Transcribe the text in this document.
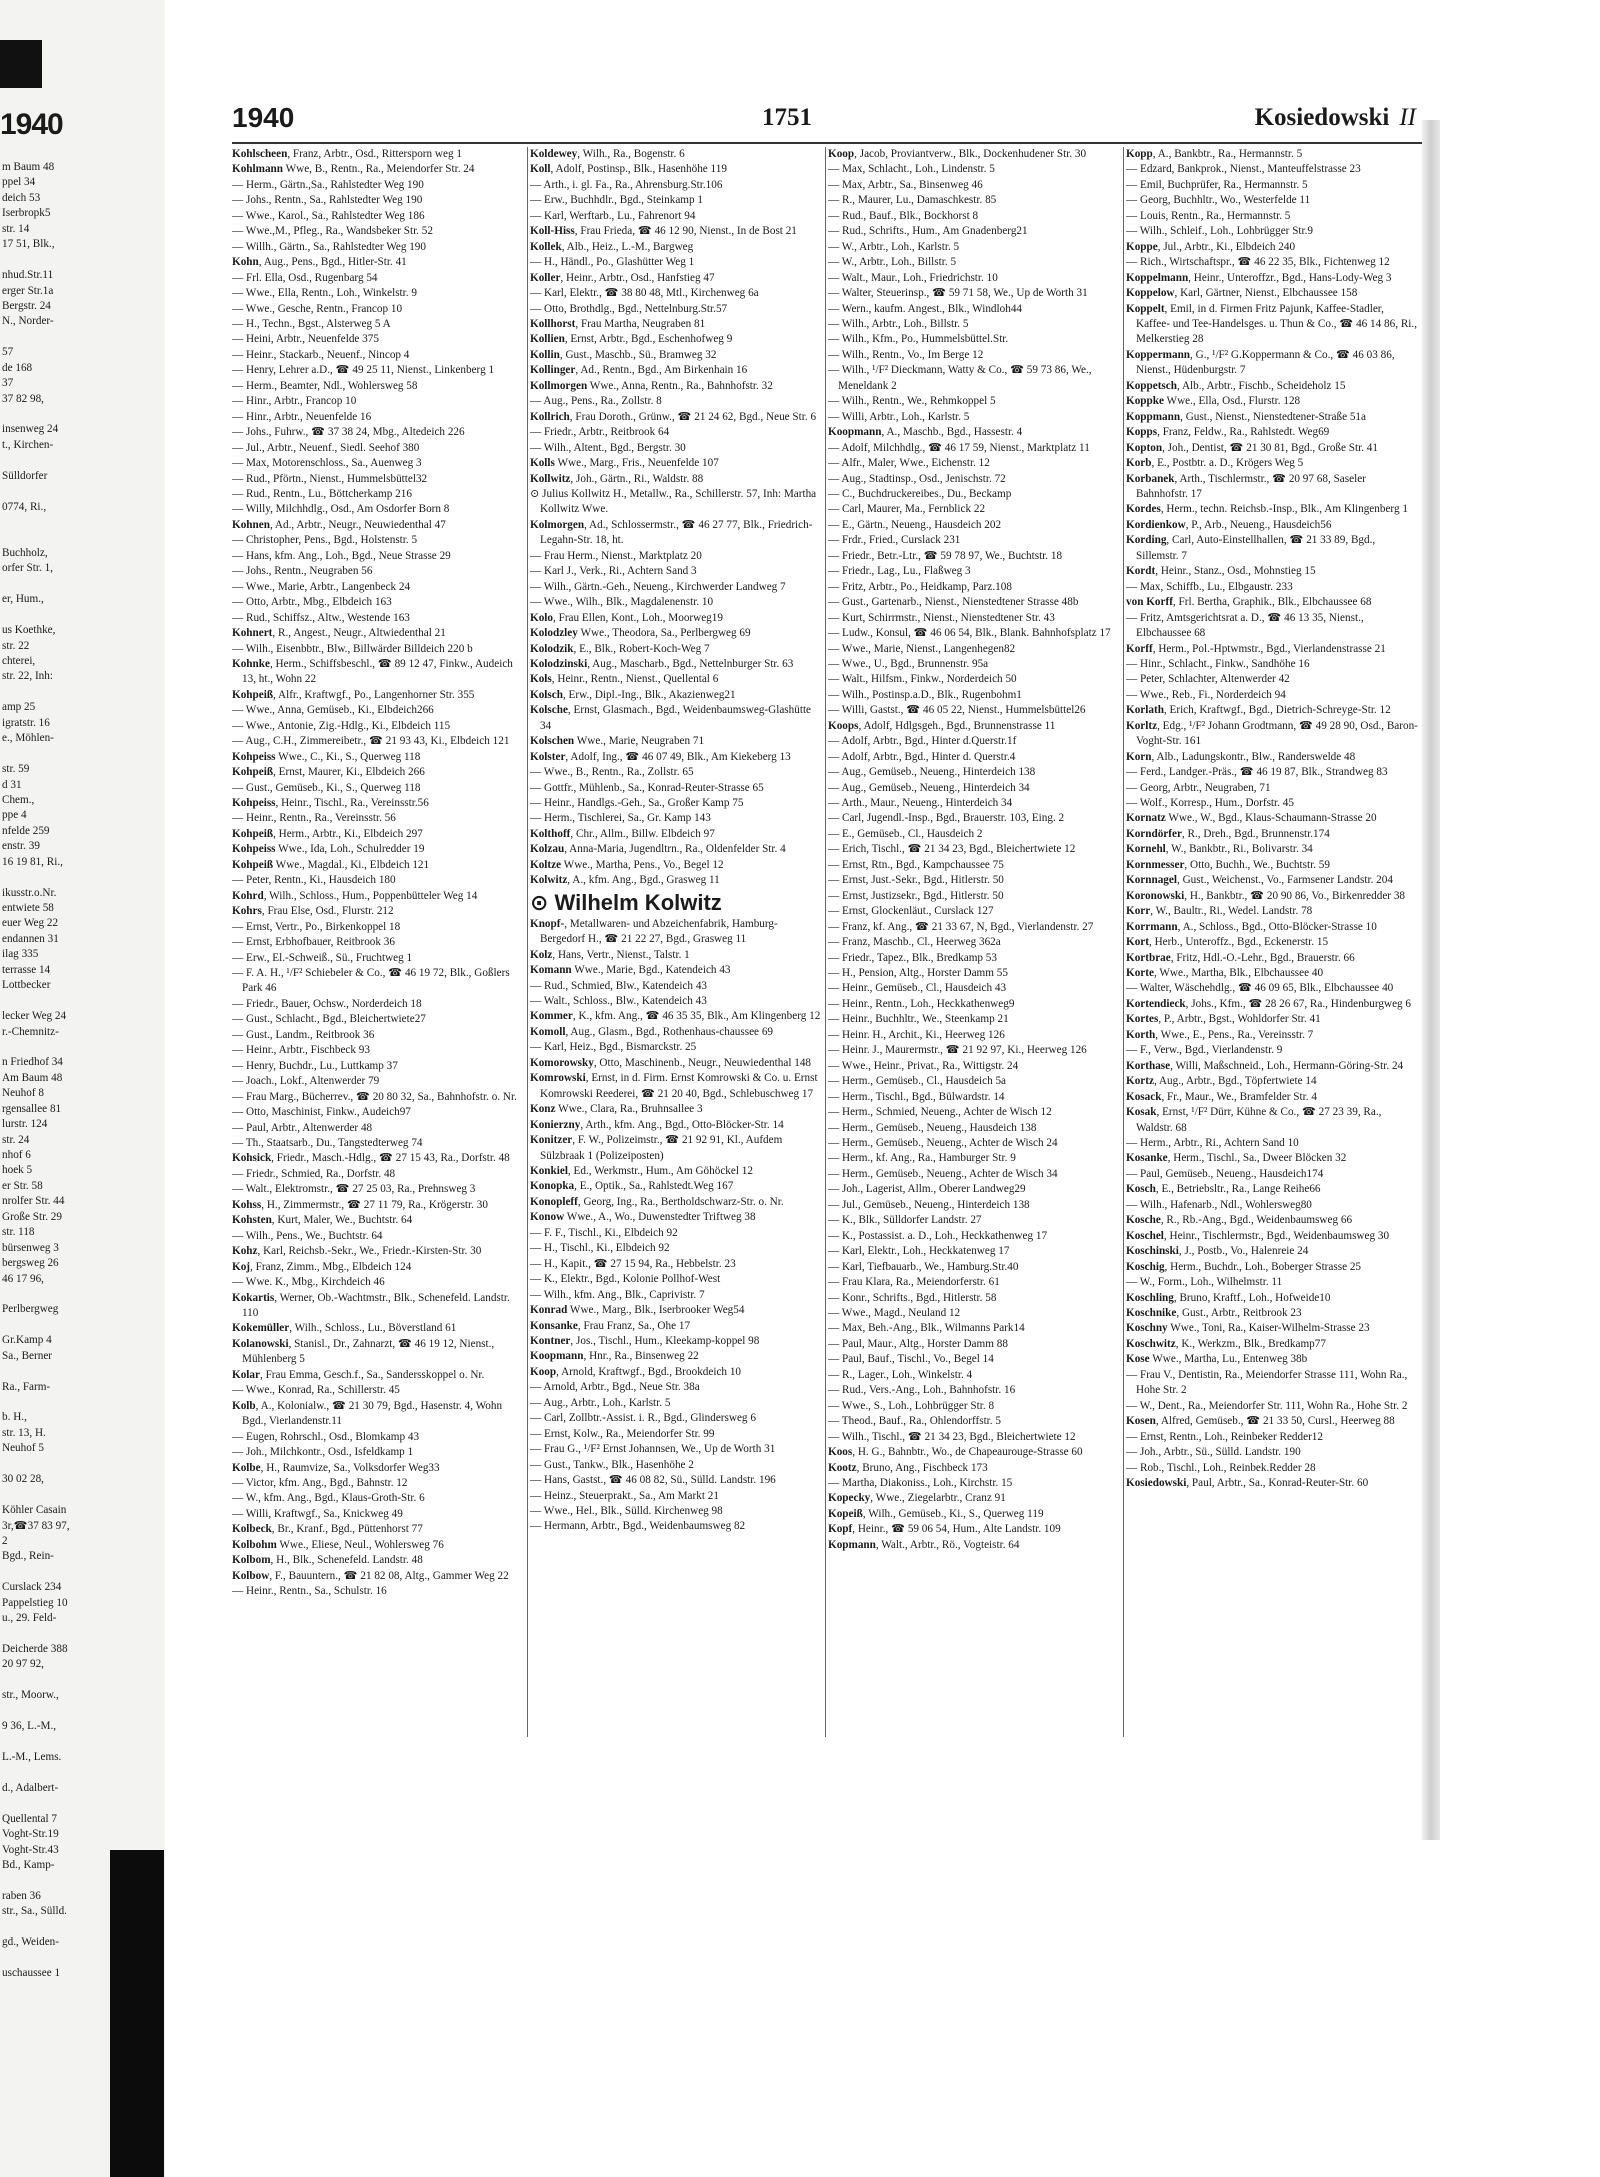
1940
m Baum 48
ppel 34
deich 53
Iserbropk5
str. 14
17 51, Blk.,
nhud.Str.11
erger Str.1a
Bergstr. 24
N., Norder-
57
de 168
37
37 82 98,
insenweg 24
t., Kirchen-
Sülldorfer
0774, Ri.,
Buchholz,
orfer Str. 1,
er, Hum.,
us Koethke,
str. 22
chterei,
str. 22, Inh:
amp 25
igratstr. 16
e., Möhlen-
str. 59
d 31
Chem.,
ppe 4
nfelde 259
enstr. 39
16 19 81, Ri.,
ikusstr.o.Nr.
entwiete 58
euer Weg 22
endannen 31
ilag 335
terrasse 14
Lottbecker
lecker Weg 24
r.-Chemnitz-
n Friedhof 34
Am Baum 48
Neuhof 8
rgensallee 81
lurstr. 124
str. 24
nhof 6
hoek 5
er Str. 58
nrolfer Str. 44
Große Str. 29
str. 118
bürsenweg 3
bergsweg 26
46 17 96,
Perlbergweg
Gr.Kamp 4
Sa., Berner
Ra., Farm-
b. H.,
str. 13, H.
Neuhof 5
30 02 28,
Köhler Casain
3r,☎37 83 97,
2
Bgd., Rein-
Curslack 234
Pappelstieg 10
u., 29. Feld-
Deicherde 388
20 97 92,
str., Moorw.,
9 36, L.-M.,
L.-M., Lems.
d., Adalbert-
Quellental 7
Voght-Str.19
Voght-Str.43
Bd., Kamp-
raben 36
str., Sa., Sülld.
gd., Weiden-
uschaussee 1
1940	1751	Kosiedowski II

Kohlscheen, Franz, Arbtr., Osd., Rittersporn weg 1

Kohlmann Wwe, B., Rentn., Ra., Meiendorfer Str. 24

— Herm., Gärtn.,Sa., Rahlstedter Weg 190

— Johs., Rentn., Sa., Rahlstedter Weg 190

— Wwe., Karol., Sa., Rahlstedter Weg 186

— Wwe.,M., Pfleg., Ra., Wandsbeker Str. 52

— Willh., Gärtn., Sa., Rahlstedter Weg 190

Kohn, Aug., Pens., Bgd., Hitler-Str. 41

— Frl. Ella, Osd., Rugenbarg 54

— Wwe., Ella, Rentn., Loh., Winkelstr. 9

— Wwe., Gesche, Rentn., Francop 10

— H., Techn., Bgst., Alsterweg 5 A

— Heini, Arbtr., Neuenfelde 375

— Heinr., Stackarb., Neuenf., Nincop 4

— Henry, Lehrer a.D., ☎ 49 25 11, Nienst., Linkenberg 1

— Herm., Beamter, Ndl., Wohlersweg 58

— Hinr., Arbtr., Francop 10

— Hinr., Arbtr., Neuenfelde 16

— Johs., Fuhrw., ☎ 37 38 24, Mbg., Altedeich 226

— Jul., Arbtr., Neuenf., Siedl. Seehof 380

— Max, Motorenschloss., Sa., Auenweg 3

— Rud., Pförtn., Nienst., Hummelsbüttel32

— Rud., Rentn., Lu., Böttcherkamp 216

— Willy, Milchhdlg., Osd., Am Osdorfer Born 8

Kohnen, Ad., Arbtr., Neugr., Neuwiedenthal 47

— Christopher, Pens., Bgd., Holstenstr. 5

— Hans, kfm. Ang., Loh., Bgd., Neue Strasse 29

— Johs., Rentn., Neugraben 56

— Wwe., Marie, Arbtr., Langenbeck 24

— Otto, Arbtr., Mbg., Elbdeich 163

— Rud., Schiffsz., Altw., Westende 163

Kohnert, R., Angest., Neugr., Altwiedenthal 21

— Wilh., Eisenbbtr., Blw., Billwärder Billdeich 220 b

Kohnke, Herm., Schiffsbeschl., ☎ 89 12 47, Finkw., Audeich 13, ht., Wohn 22

Kohpeiß, Alfr., Kraftwgf., Po., Langenhorner Str. 355

— Wwe., Anna, Gemüseb., Ki., Elbdeich266

— Wwe., Antonie, Zig.-Hdlg., Ki., Elbdeich 115

— Aug., C.H., Zimmereibetr., ☎ 21 93 43, Ki., Elbdeich 121

Kohpeiss Wwe., C., Ki., S., Querweg 118

Kohpeiß, Ernst, Maurer, Ki., Elbdeich 266

— Gust., Gemüseb., Ki., S., Querweg 118

Kohpeiss, Heinr., Tischl., Ra., Vereinsstr.56

— Heinr., Rentn., Ra., Vereinsstr. 56

Kohpeiß, Herm., Arbtr., Ki., Elbdeich 297

Kohpeiss Wwe., Ida, Loh., Schulredder 19

Kohpeiß Wwe., Magdal., Ki., Elbdeich 121

— Peter, Rentn., Ki., Hausdeich 180

Kohrd, Wilh., Schloss., Hum., Poppenbütteler Weg 14

Kohrs, Frau Else, Osd., Flurstr. 212

— Ernst, Vertr., Po., Birkenkoppel 18

— Ernst, Erbhofbauer, Reitbrook 36

— Erw., El.-Schweiß., Sü., Fruchtweg 1

— F. A. H., ¹/F² Schiebeler & Co., ☎ 46 19 72, Blk., Goßlers Park 46

— Friedr., Bauer, Ochsw., Norderdeich 18

— Gust., Schlacht., Bgd., Bleichertwiete27

— Gust., Landm., Reitbrook 36

— Heinr., Arbtr., Fischbeck 93

— Henry, Buchdr., Lu., Luttkamp 37

— Joach., Lokf., Altenwerder 79

— Frau Marg., Bücherrev., ☎ 20 80 32, Sa., Bahnhofstr. o. Nr.

— Otto, Maschinist, Finkw., Audeich97

— Paul, Arbtr., Altenwerder 48

— Th., Staatsarb., Du., Tangstedterweg 74

Kohsick, Friedr., Masch.-Hdlg., ☎ 27 15 43, Ra., Dorfstr. 48

— Friedr., Schmied, Ra., Dorfstr. 48

— Walt., Elektromstr., ☎ 27 25 03, Ra., Prehnsweg 3

Kohss, H., Zimmermstr., ☎ 27 11 79, Ra., Krögerstr. 30

Kohsten, Kurt, Maler, We., Buchtstr. 64

— Wilh., Pens., We., Buchtstr. 64

Kohz, Karl, Reichsb.-Sekr., We., Friedr.-Kirsten-Str. 30

Koj, Franz, Zimm., Mbg., Elbdeich 124

— Wwe. K., Mbg., Kirchdeich 46

Kokartis, Werner, Ob.-Wachtmstr., Blk., Schenefeld. Landstr. 110

Kokemüller, Wilh., Schloss., Lu., Böverstland 61

Kolanowski, Stanisl., Dr., Zahnarzt, ☎ 46 19 12, Nienst., Mühlenberg 5

Kolar, Frau Emma, Gesch.f., Sa., Sandersskoppel o. Nr.

— Wwe., Konrad, Ra., Schillerstr. 45

Kolb, A., Kolonialw., ☎ 21 30 79, Bgd., Hasenstr. 4, Wohn Bgd., Vierlandenstr.11

— Eugen, Rohrschl., Osd., Blomkamp 43

— Joh., Milchkontr., Osd., Isfeldkamp 1

Kolbe, H., Raumvize, Sa., Volksdorfer Weg33

— Victor, kfm. Ang., Bgd., Bahnstr. 12

— W., kfm. Ang., Bgd., Klaus-Groth-Str. 6

— Willi, Kraftwgf., Sa., Knickweg 49

Kolbeck, Br., Kranf., Bgd., Püttenhorst 77

Kolbohm Wwe., Eliese, Neul., Wohlersweg 76

Kolbom, H., Blk., Schenefeld. Landstr. 48

Kolbow, F., Bauuntern., ☎ 21 82 08, Altg., Gammer Weg 22

— Heinr., Rentn., Sa., Schulstr. 16

Koldewey, Wilh., Ra., Bogenstr. 6

Koll, Adolf, Postinsp., Blk., Hasenhöhe 119

— Arth., i. gl. Fa., Ra., Ahrensburg.Str.106

— Erw., Buchhdlr., Bgd., Steinkamp 1

— Karl, Werftarb., Lu., Fahrenort 94

Koll-Hiss, Frau Frieda, ☎ 46 12 90, Nienst., In de Bost 21

Kollek, Alb., Heiz., L.-M., Bargweg

— H., Händl., Po., Glashütter Weg 1

Koller, Heinr., Arbtr., Osd., Hanfstieg 47

— Karl, Elektr., ☎ 38 80 48, Mtl., Kirchenweg 6a

— Otto, Brothdlg., Bgd., Nettelnburg.Str.57

Kollhorst, Frau Martha, Neugraben 81

Kollien, Ernst, Arbtr., Bgd., Eschenhofweg 9

Kollin, Gust., Maschb., Sü., Bramweg 32

Kollinger, Ad., Rentn., Bgd., Am Birkenhain 16

Kollmorgen Wwe., Anna, Rentn., Ra., Bahnhofstr. 32

— Aug., Pens., Ra., Zollstr. 8

Kollrich, Frau Doroth., Grünw., ☎ 21 24 62, Bgd., Neue Str. 6

— Friedr., Arbtr., Reitbrook 64

— Wilh., Altent., Bgd., Bergstr. 30

Kolls Wwe., Marg., Fris., Neuenfelde 107

Kollwitz, Joh., Gärtn., Ri., Waldstr. 88

⊙ Julius Kollwitz H., Metallw., Ra., Schillerstr. 57, Inh: Martha Kollwitz Wwe.

Kolmorgen, Ad., Schlossermstr., ☎ 46 27 77, Blk., Friedrich-Legahn-Str. 18, ht.

— Frau Herm., Nienst., Marktplatz 20

— Karl J., Verk., Ri., Achtern Sand 3

— Wilh., Gärtn.-Geh., Neueng., Kirchwerder Landweg 7

— Wwe., Wilh., Blk., Magdalenenstr. 10

Kolo, Frau Ellen, Kont., Loh., Moorweg19

Kolodzley Wwe., Theodora, Sa., Perlbergweg 69

Kolodzik, E., Blk., Robert-Koch-Weg 7

Kolodzinski, Aug., Mascharb., Bgd., Nettelnburger Str. 63

Kols, Heinr., Rentn., Nienst., Quellental 6

Kolsch, Erw., Dipl.-Ing., Blk., Akazienweg21

Kolsche, Ernst, Glasmach., Bgd., Weidenbaumsweg-Glashütte 34

Kolschen Wwe., Marie, Neugraben 71

Kolster, Adolf, Ing., ☎ 46 07 49, Blk., Am Kiekeberg 13

— Wwe., B., Rentn., Ra., Zollstr. 65

— Gottfr., Mühlenb., Sa., Konrad-Reuter-Strasse 65

— Heinr., Handlgs.-Geh., Sa., Großer Kamp 75

— Herm., Tischlerei, Sa., Gr. Kamp 143

Kolthoff, Chr., Allm., Billw. Elbdeich 97

Kolzau, Anna-Maria, Jugendltrn., Ra., Oldenfelder Str. 4

Koltze Wwe., Martha, Pens., Vo., Begel 12

Kolwitz, A., kfm. Ang., Bgd., Grasweg 11

⊙ Wilhelm Kolwitz

Knopf-, Metallwaren- und Abzeichenfabrik, Hamburg-Bergedorf H., ☎ 21 22 27, Bgd., Grasweg 11

Kolz, Hans, Vertr., Nienst., Talstr. 1

Komann Wwe., Marie, Bgd., Katendeich 43

— Rud., Schmied, Blw., Katendeich 43

— Walt., Schloss., Blw., Katendeich 43

Kommer, K., kfm. Ang., ☎ 46 35 35, Blk., Am Klingenberg 12

Komoll, Aug., Glasm., Bgd., Rothenhaus-chaussee 69

— Karl, Heiz., Bgd., Bismarckstr. 25

Komorowsky, Otto, Maschinenb., Neugr., Neuwiedenthal 148

Komrowski, Ernst, in d. Firm. Ernst Komrowski & Co. u. Ernst Komrowski Reederei, ☎ 21 20 40, Bgd., Schlebuschweg 17

Konz Wwe., Clara, Ra., Bruhnsallee 3

Konierzny, Arth., kfm. Ang., Bgd., Otto-Blöcker-Str. 14

Konitzer, F. W., Polizeimstr., ☎ 21 92 91, Kl., Aufdem Sülzbraak 1 (Polizeiposten)

Konkiel, Ed., Werkmstr., Hum., Am Göhöckel 12

Konopka, E., Optik., Sa., Rahlstedt.Weg 167

Konopleff, Georg, Ing., Ra., Bertholdschwarz-Str. o. Nr.

Konow Wwe., A., Wo., Duwenstedter Triftweg 38

— F. F., Tischl., Ki., Elbdeich 92

— H., Tischl., Ki., Elbdeich 92

— H., Kapit., ☎ 27 15 94, Ra., Hebbelstr. 23

— K., Elektr., Bgd., Kolonie Pollhof-West

— Wilh., kfm. Ang., Blk., Caprivistr. 7

Konrad Wwe., Marg., Blk., Iserbrooker Weg54

Konsanke, Frau Franz, Sa., Ohe 17

Kontner, Jos., Tischl., Hum., Kleekamp-koppel 98

Koopmann, Hnr., Ra., Binsenweg 22

Koop, Arnold, Kraftwgf., Bgd., Brookdeich 10

— Arnold, Arbtr., Bgd., Neue Str. 38a

— Aug., Arbtr., Loh., Karlstr. 5

— Carl, Zollbtr.-Assist. i. R., Bgd., Glindersweg 6

— Ernst, Kolw., Ra., Meiendorfer Str. 99

— Frau G., ¹/F² Ernst Johannsen, We., Up de Worth 31

— Gust., Tankw., Blk., Hasenhöhe 2

— Hans, Gastst., ☎ 46 08 82, Sü., Sülld. Landstr. 196

— Heinz., Steuerprakt., Sa., Am Markt 21

— Wwe., Hel., Blk., Sülld. Kirchenweg 98

— Hermann, Arbtr., Bgd., Weidenbaumsweg 82

Koop, Jacob, Proviantverw., Blk., Dockenhudener Str. 30

— Max, Schlacht., Loh., Lindenstr. 5

— Max, Arbtr., Sa., Binsenweg 46

— R., Maurer, Lu., Damaschkestr. 85

— Rud., Bauf., Blk., Bockhorst 8

— Rud., Schrifts., Hum., Am Gnadenberg21

— W., Arbtr., Loh., Karlstr. 5

— W., Arbtr., Loh., Billstr. 5

— Walt., Maur., Loh., Friedrichstr. 10

— Walter, Steuerinsp., ☎ 59 71 58, We., Up de Worth 31

— Wern., kaufm. Angest., Blk., Windloh44

— Wilh., Arbtr., Loh., Billstr. 5

— Wilh., Kfm., Po., Hummelsbüttel.Str.

— Wilh., Rentn., Vo., Im Berge 12

— Wilh., ¹/F² Dieckmann, Watty & Co., ☎ 59 73 86, We., Meneldank 2

— Wilh., Rentn., We., Rehmkoppel 5

— Willi, Arbtr., Loh., Karlstr. 5

Koopmann, A., Maschb., Bgd., Hassestr. 4

— Adolf, Milchhdlg., ☎ 46 17 59, Nienst., Marktplatz 11

— Alfr., Maler, Wwe., Eichenstr. 12

— Aug., Stadtinsp., Osd., Jenischstr. 72

— C., Buchdruckereibes., Du., Beckamp

— Carl, Maurer, Ma., Fernblick 22

— E., Gärtn., Neueng., Hausdeich 202

— Frdr., Fried., Curslack 231

— Friedr., Betr.-Ltr., ☎ 59 78 97, We., Buchtstr. 18

— Friedr., Lag., Lu., Flaßweg 3

— Fritz, Arbtr., Po., Heidkamp, Parz.108

— Gust., Gartenarb., Nienst., Nienstedtener Strasse 48b

— Kurt, Schirrmstr., Nienst., Nienstedtener Str. 43

— Ludw., Konsul, ☎ 46 06 54, Blk., Blank. Bahnhofsplatz 17

— Wwe., Marie, Nienst., Langenhegen82

— Wwe., U., Bgd., Brunnenstr. 95a

— Walt., Hilfsm., Finkw., Norderdeich 50

— Wilh., Postinsp.a.D., Blk., Rugenbohm1

— Willi, Gastst., ☎ 46 05 22, Nienst., Hummelsbüttel26

Koops, Adolf, Hdlgsgeh., Bgd., Brunnenstrasse 11

— Adolf, Arbtr., Bgd., Hinter d.Querstr.1f

— Adolf, Arbtr., Bgd., Hinter d. Querstr.4

— Aug., Gemüseb., Neueng., Hinterdeich 138

— Aug., Gemüseb., Neueng., Hinterdeich 34

— Arth., Maur., Neueng., Hinterdeich 34

— Carl, Jugendl.-Insp., Bgd., Brauerstr. 103, Eing. 2

— E., Gemüseb., Cl., Hausdeich 2

— Erich, Tischl., ☎ 21 34 23, Bgd., Bleichertwiete 12

— Ernst, Rtn., Bgd., Kampchaussee 75

— Ernst, Just.-Sekr., Bgd., Hitlerstr. 50

— Ernst, Justizsekr., Bgd., Hitlerstr. 50

— Ernst, Glockenläut., Curslack 127

— Franz, kf. Ang., ☎ 21 33 67, N, Bgd., Vierlandenstr. 27

— Franz, Maschb., Cl., Heerweg 362a

— Friedr., Tapez., Blk., Bredkamp 53

— H., Pension, Altg., Horster Damm 55

— Heinr., Gemüseb., Cl., Hausdeich 43

— Heinr., Rentn., Loh., Heckkathenweg9

— Heinr., Buchhltr., We., Steenkamp 21

— Heinr. H., Archit., Ki., Heerweg 126

— Heinr. J., Maurermstr., ☎ 21 92 97, Ki., Heerweg 126

— Wwe., Heinr., Privat., Ra., Wittigstr. 24

— Herm., Gemüseb., Cl., Hausdeich 5a

— Herm., Tischl., Bgd., Bülwardstr. 14

— Herm., Schmied, Neueng., Achter de Wisch 12

— Herm., Gemüseb., Neueng., Hausdeich 138

— Herm., Gemüseb., Neueng., Achter de Wisch 24

— Herm., kf. Ang., Ra., Hamburger Str. 9

— Herm., Gemüseb., Neueng., Achter de Wisch 34

— Joh., Lagerist, Allm., Oberer Landweg29

— Jul., Gemüseb., Neueng., Hinterdeich 138

— K., Blk., Sülldorfer Landstr. 27

— K., Postassist. a. D., Loh., Heckkathenweg 17

— Karl, Elektr., Loh., Heckkatenweg 17

— Karl, Tiefbauarb., We., Hamburg.Str.40

— Frau Klara, Ra., Meiendorferstr. 61

— Konr., Schrifts., Bgd., Hitlerstr. 58

— Wwe., Magd., Neuland 12

— Max, Beh.-Ang., Blk., Wilmanns Park14

— Paul, Maur., Altg., Horster Damm 88

— Paul, Bauf., Tischl., Vo., Begel 14

— R., Lager., Loh., Winkelstr. 4

— Rud., Vers.-Ang., Loh., Bahnhofstr. 16

— Wwe., S., Loh., Lohbrügger Str. 8

— Theod., Bauf., Ra., Ohlendorffstr. 5

— Wilh., Tischl., ☎ 21 34 23, Bgd., Bleichertwiete 12

Koos, H. G., Bahnbtr., Wo., de Chapeaurouge-Strasse 60

Kootz, Bruno, Ang., Fischbeck 173

— Martha, Diakoniss., Loh., Kirchstr. 15

Kopecky, Wwe., Ziegelarbtr., Cranz 91

Kopeiß, Wilh., Gemüseb., Ki., S., Querweg 119

Kopf, Heinr., ☎ 59 06 54, Hum., Alte Landstr. 109

Kopmann, Walt., Arbtr., Rö., Vogteistr. 64

Kopp, A., Bankbtr., Ra., Hermannstr. 5

— Edzard, Bankprok., Nienst., Manteuffelstrasse 23

— Emil, Buchprüfer, Ra., Hermannstr. 5

— Georg, Buchhltr., Wo., Westerfelde 11

— Louis, Rentn., Ra., Hermannstr. 5

— Wilh., Schleif., Loh., Lohbrügger Str.9

Koppe, Jul., Arbtr., Ki., Elbdeich 240

— Rich., Wirtschaftspr., ☎ 46 22 35, Blk., Fichtenweg 12

Koppelmann, Heinr., Unteroffzr., Bgd., Hans-Lody-Weg 3

Koppelow, Karl, Gärtner, Nienst., Elbchaussee 158

Koppelt, Emil, in d. Firmen Fritz Pajunk, Kaffee-Stadler, Kaffee- und Tee-Handelsges. u. Thun & Co., ☎ 46 14 86, Ri., Melkerstieg 28

Koppermann, G., ¹/F² G.Koppermann & Co., ☎ 46 03 86, Nienst., Hüdenburgstr. 7

Koppetsch, Alb., Arbtr., Fischb., Scheideholz 15

Koppke Wwe., Ella, Osd., Flurstr. 128

Koppmann, Gust., Nienst., Nienstedtener-Straße 51a

Kopps, Franz, Feldw., Ra., Rahlstedt. Weg69

Kopton, Joh., Dentist, ☎ 21 30 81, Bgd., Große Str. 41

Korb, E., Postbtr. a. D., Krögers Weg 5

Korbanek, Arth., Tischlermstr., ☎ 20 97 68, Saseler Bahnhofstr. 17

Kordes, Herm., techn. Reichsb.-Insp., Blk., Am Klingenberg 1

Kordienkow, P., Arb., Neueng., Hausdeich56

Kording, Carl, Auto-Einstellhallen, ☎ 21 33 89, Bgd., Sillemstr. 7

Kordt, Heinr., Stanz., Osd., Mohnstieg 15

— Max, Schiffb., Lu., Elbgaustr. 233

von Korff, Frl. Bertha, Graphik., Blk., Elbchaussee 68

— Fritz, Amtsgerichtsrat a. D., ☎ 46 13 35, Nienst., Elbchaussee 68

Korff, Herm., Pol.-Hptwmstr., Bgd., Vierlandenstrasse 21

— Hinr., Schlacht., Finkw., Sandhöhe 16

— Peter, Schlachter, Altenwerder 42

— Wwe., Reb., Fi., Norderdeich 94

Korlath, Erich, Kraftwgf., Bgd., Dietrich-Schreyge-Str. 12

Korltz, Edg., ¹/F² Johann Grodtmann, ☎ 49 28 90, Osd., Baron-Voght-Str. 161

Korn, Alb., Ladungskontr., Blw., Randerswelde 48

— Ferd., Landger.-Präs., ☎ 46 19 87, Blk., Strandweg 83

— Georg, Arbtr., Neugraben, 71

— Wolf., Korresp., Hum., Dorfstr. 45

Kornatz Wwe., W., Bgd., Klaus-Schaumann-Strasse 20

Korndörfer, R., Dreh., Bgd., Brunnenstr.174

Kornehl, W., Bankbtr., Ri., Bolivarstr. 34

Kornmesser, Otto, Buchh., We., Buchtstr. 59

Kornnagel, Gust., Weichenst., Vo., Farmsener Landstr. 204

Koronowski, H., Bankbtr., ☎ 20 90 86, Vo., Birkenredder 38

Korr, W., Baultr., Ri., Wedel. Landstr. 78

Korrmann, A., Schloss., Bgd., Otto-Blöcker-Strasse 10

Kort, Herb., Unteroffz., Bgd., Eckenerstr. 15

Kortbrae, Fritz, Hdl.-O.-Lehr., Bgd., Brauerstr. 66

Korte, Wwe., Martha, Blk., Elbchaussee 40

— Walter, Wäschehdlg., ☎ 46 09 65, Blk., Elbchaussee 40

Kortendieck, Johs., Kfm., ☎ 28 26 67, Ra., Hindenburgweg 6

Kortes, P., Arbtr., Bgst., Wohldorfer Str. 41

Korth, Wwe., E., Pens., Ra., Vereinsstr. 7

— F., Verw., Bgd., Vierlandenstr. 9

Korthase, Willi, Maßschneid., Loh., Hermann-Göring-Str. 24

Kortz, Aug., Arbtr., Bgd., Töpfertwiete 14

Kosack, Fr., Maur., We., Bramfelder Str. 4

Kosak, Ernst, ¹/F² Dürr, Kühne & Co., ☎ 27 23 39, Ra., Waldstr. 68

— Herm., Arbtr., Ri., Achtern Sand 10

Kosanke, Herm., Tischl., Sa., Dweer Blöcken 32

— Paul, Gemüseb., Neueng., Hausdeich174

Kosch, E., Betriebsltr., Ra., Lange Reihe66

— Wilh., Hafenarb., Ndl., Wohlersweg80

Kosche, R., Rb.-Ang., Bgd., Weidenbaumsweg 66

Koschel, Heinr., Tischlermstr., Bgd., Weidenbaumsweg 30

Koschinski, J., Postb., Vo., Halenreie 24

Koschig, Herm., Buchdr., Loh., Boberger Strasse 25

— W., Form., Loh., Wilhelmstr. 11

Koschling, Bruno, Kraftf., Loh., Hofweide10

Koschnike, Gust., Arbtr., Reitbrook 23

Koschny Wwe., Toni, Ra., Kaiser-Wilhelm-Strasse 23

Koschwitz, K., Werkzm., Blk., Bredkamp77

Kose Wwe., Martha, Lu., Entenweg 38b

— Frau V., Dentistin, Ra., Meiendorfer Strasse 111, Wohn Ra., Hohe Str. 2

— W., Dent., Ra., Meiendorfer Str. 111, Wohn Ra., Hohe Str. 2

Kosen, Alfred, Gemüseb., ☎ 21 33 50, Cursl., Heerweg 88

— Ernst, Rentn., Loh., Reinbeker Redder12

— Joh., Arbtr., Sü., Sülld. Landstr. 190

— Rob., Tischl., Loh., Reinbek.Redder 28

Kosiedowski, Paul, Arbtr., Sa., Konrad-Reuter-Str. 60
